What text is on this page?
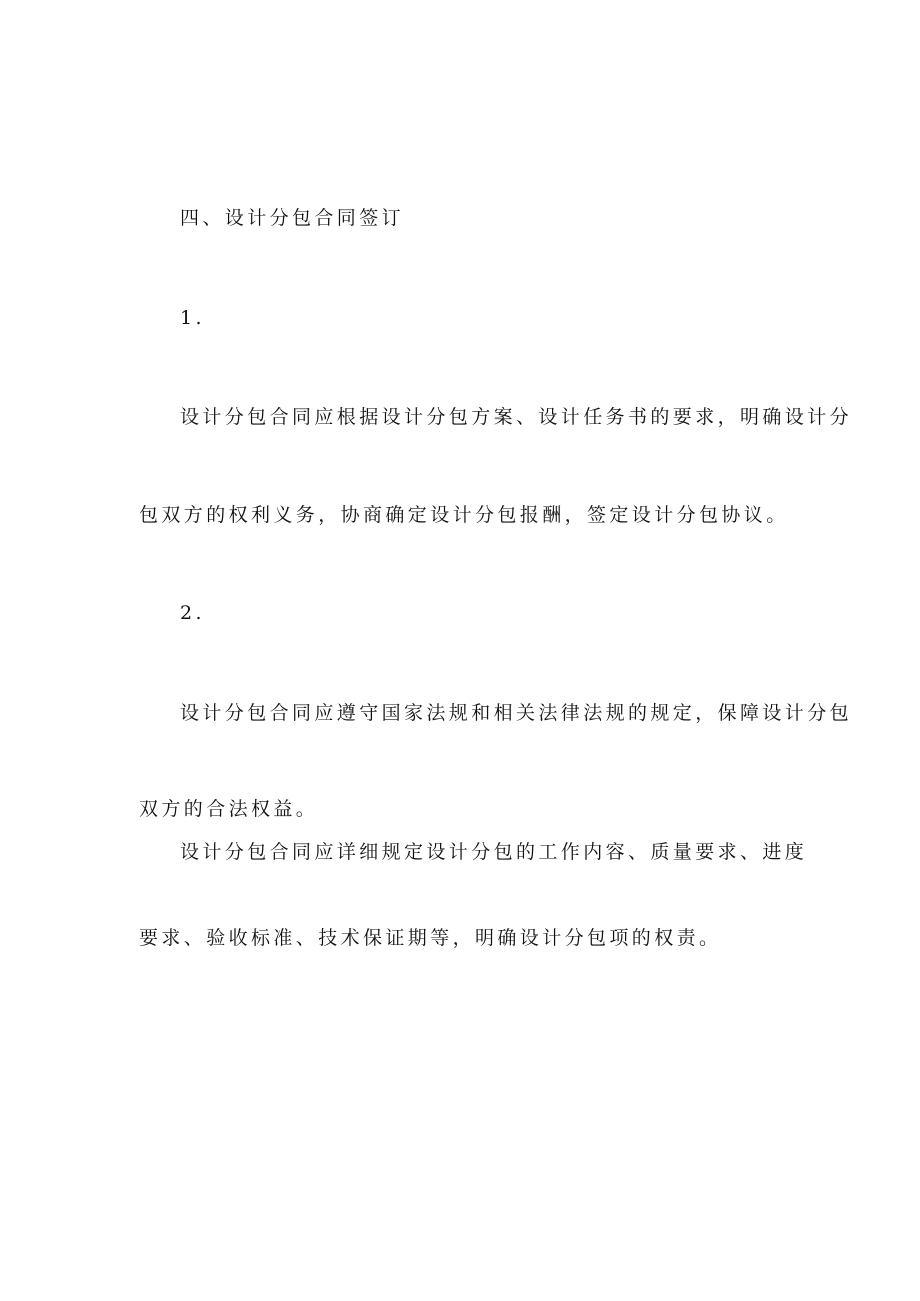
四、设计分包合同签订

1.

设计分包合同应根据设计分包方案、设计任务书的要求，明确设计分

包双方的权利义务，协商确定设计分包报酬，签定设计分包协议。

2.

设计分包合同应遵守国家法规和相关法律法规的规定，保障设计分包

双方的合法权益。

设计分包合同应详细规定设计分包的工作内容、质量要求、进度

要求、验收标准、技术保证期等，明确设计分包项的权责。
